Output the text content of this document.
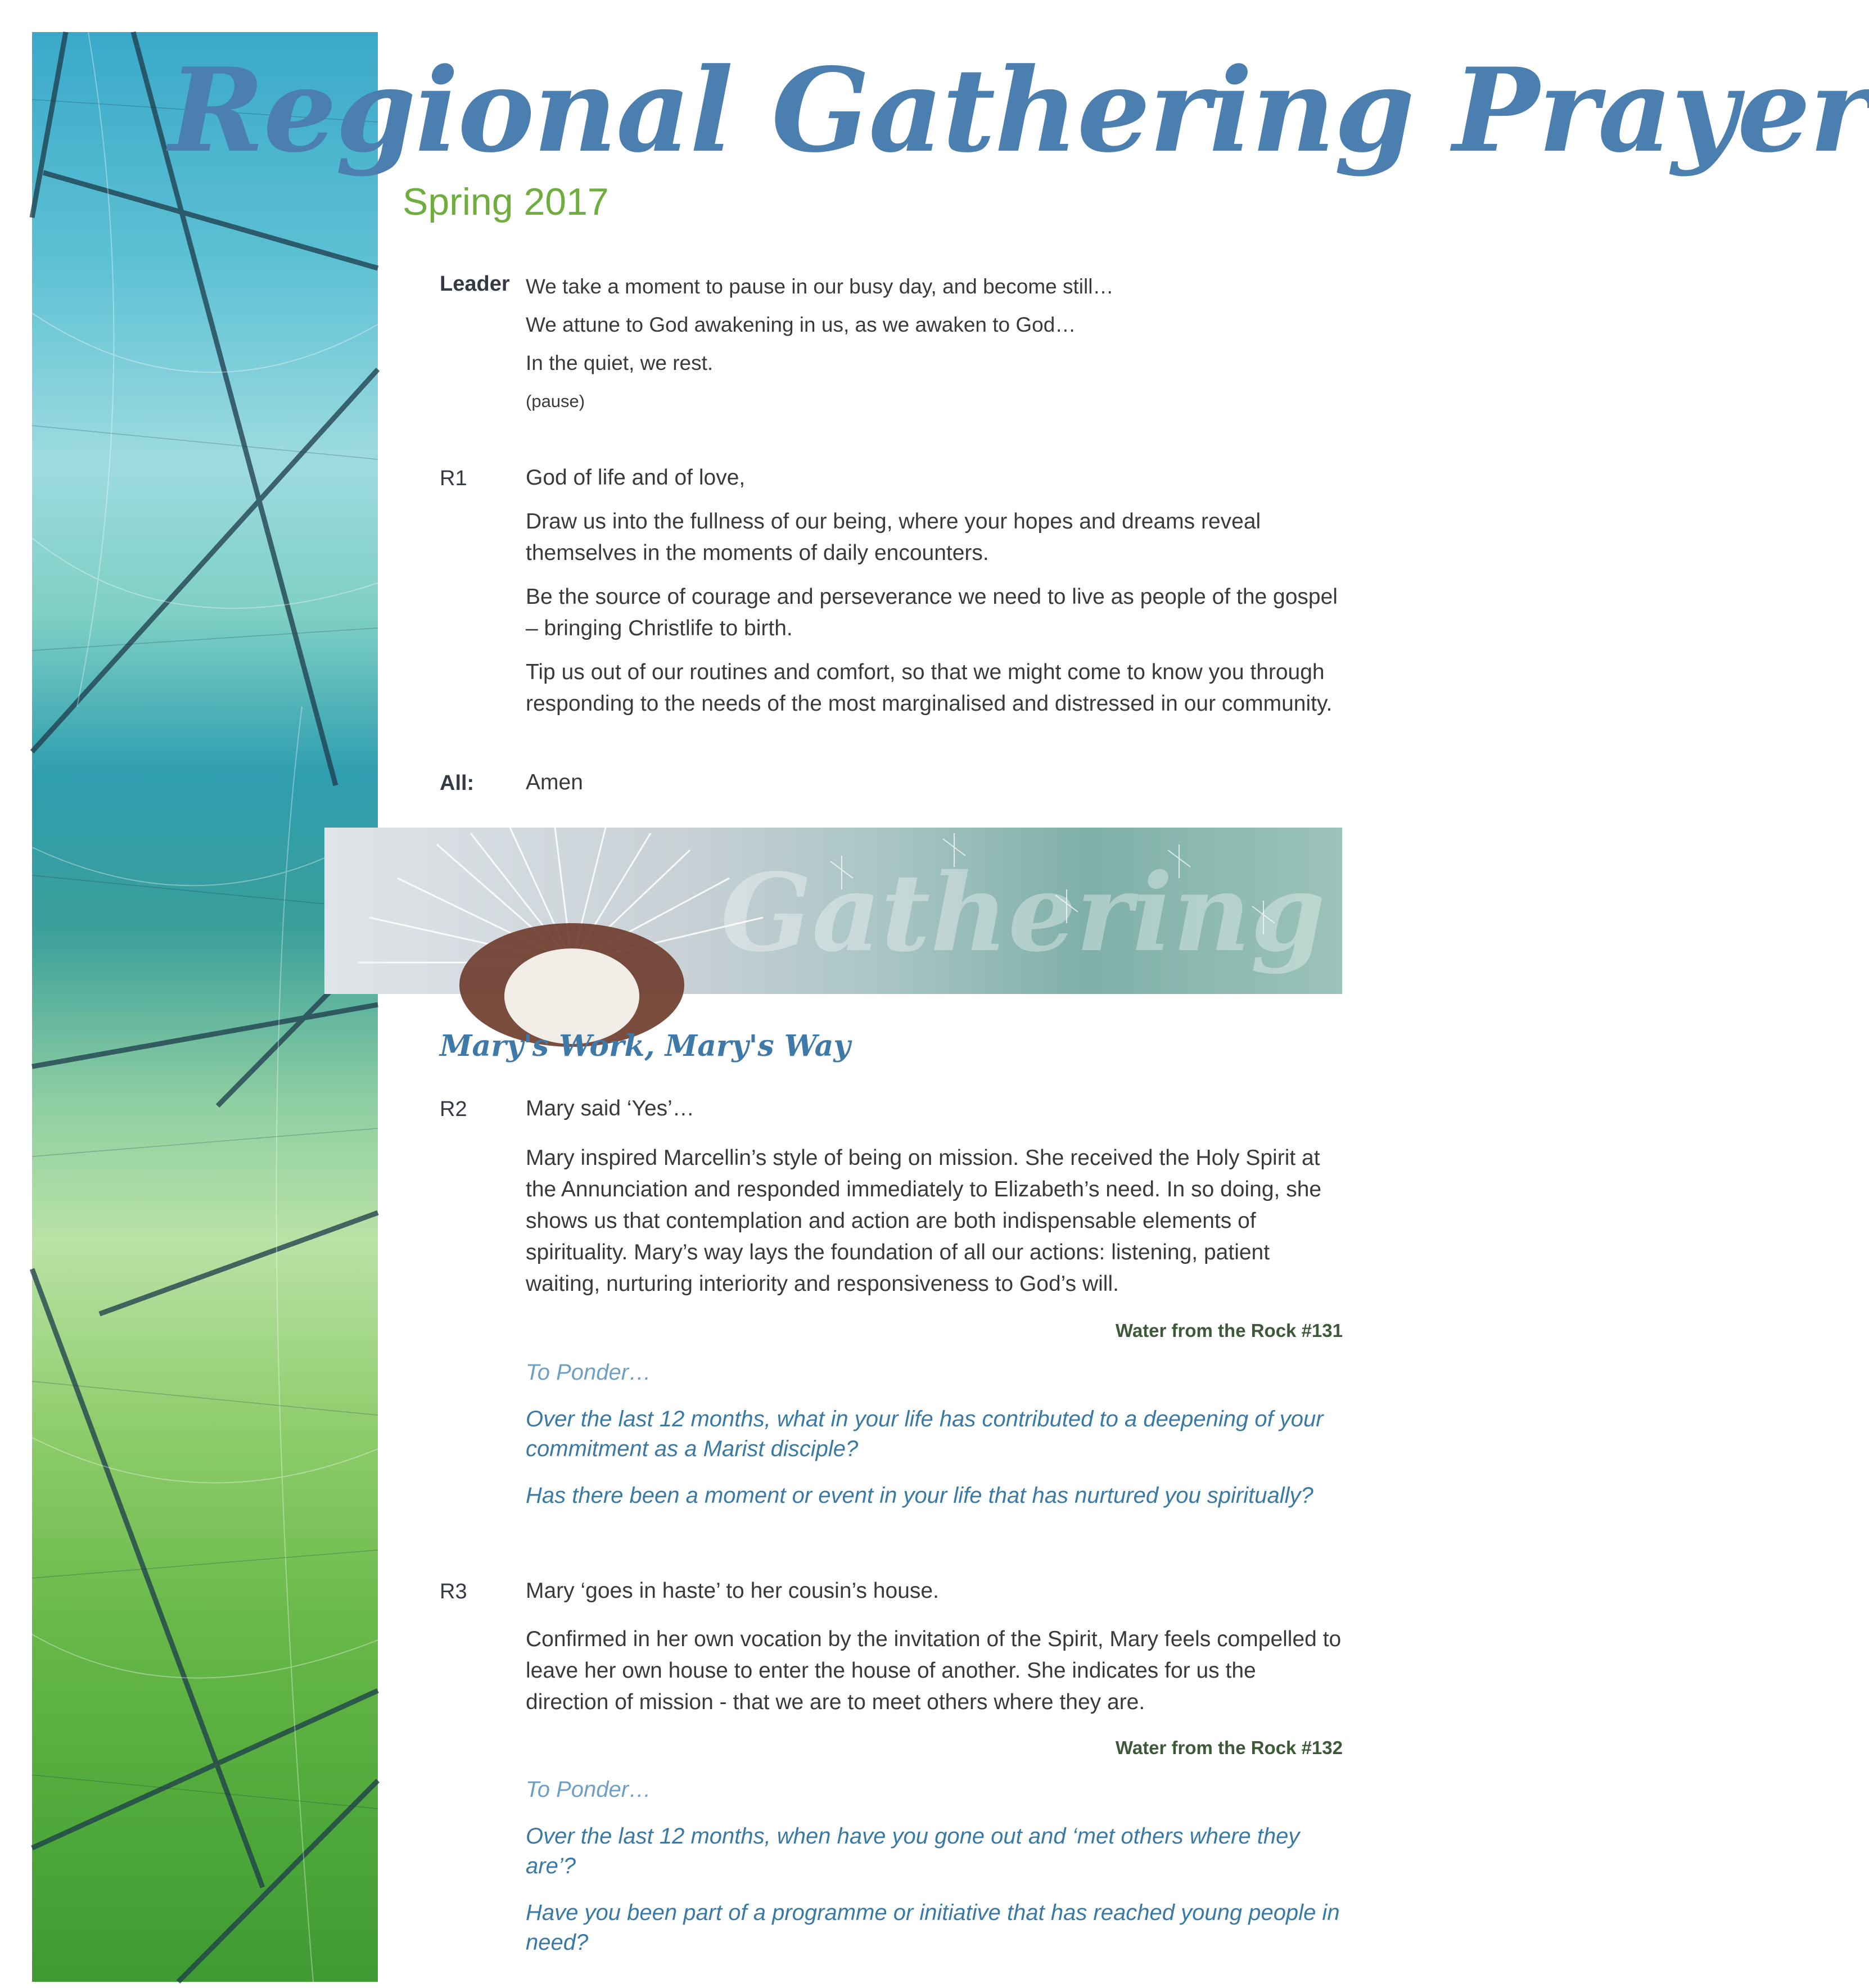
Regional Gathering Prayer
Spring 2017
Leader We take a moment to pause in our busy day, and become still…
We attune to God awakening in us, as we awaken to God…
In the quiet, we rest.
(pause)
R1	God of life and of love,
Draw us into the fullness of our being, where your hopes and dreams reveal themselves in the moments of daily encounters.
Be the source of courage and perseverance we need to live as people of the gospel – bringing Christlife to birth.
Tip us out of our routines and comfort, so that we might come to know you through responding to the needs of the most marginalised and distressed in our community.
All:	Amen
Gathering
Mary's Work, Mary's Way
R2	Mary said ‘Yes’…
Mary inspired Marcellin’s style of being on mission. She received the Holy Spirit at the Annunciation and responded immediately to Elizabeth’s need. In so doing, she shows us that contemplation and action are both indispensable elements of spirituality. Mary’s way lays the foundation of all our actions: listening, patient waiting, nurturing interiority and responsiveness to God’s will.
Water from the Rock #131
To Ponder…
Over the last 12 months, what in your life has contributed to a deepening of your commitment as a Marist disciple?
Has there been a moment or event in your life that has nurtured you spiritually?
R3	Mary ‘goes in haste’ to her cousin’s house.
Confirmed in her own vocation by the invitation of the Spirit, Mary feels compelled to leave her own house to enter the house of another. She indicates for us the direction of mission - that we are to meet others where they are.
Water from the Rock #132
To Ponder…
Over the last 12 months, when have you gone out and ‘met others where they are’?
Have you been part of a programme or initiative that has reached young people in need?
